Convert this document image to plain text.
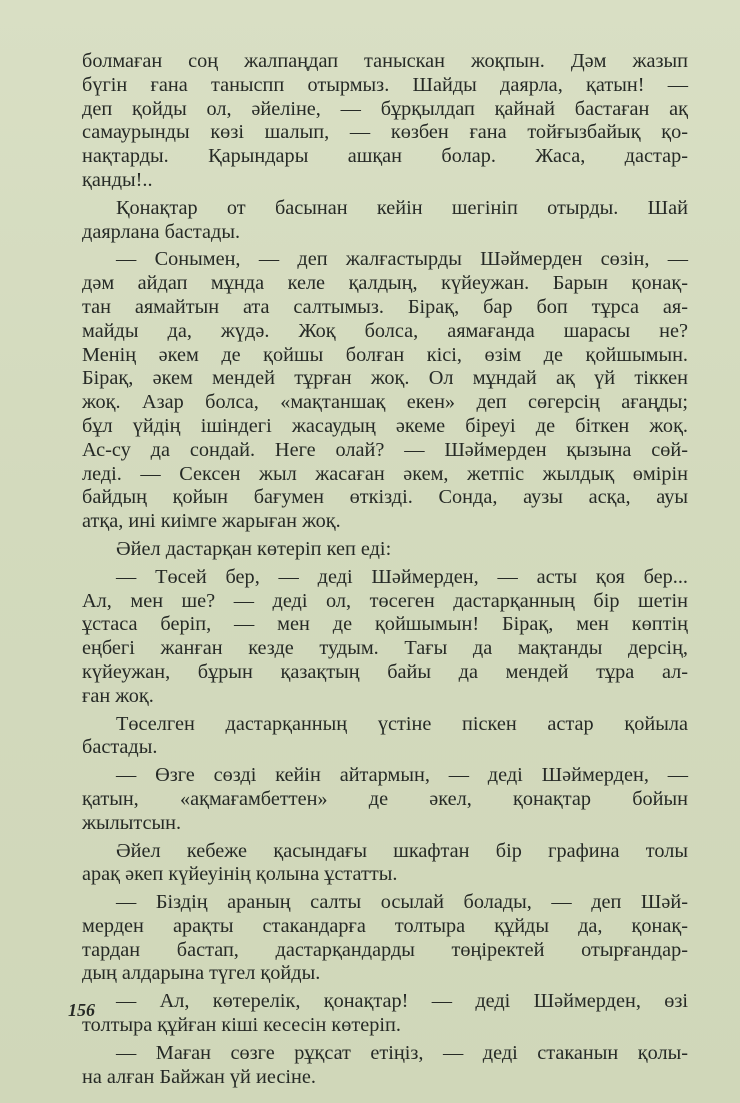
болмаған соң жалпаңдап таныскан жоқпын. Дәм жазып
бүгін ғана таныспп отырмыз. Шайды даярла, қатын! —
деп қойды ол, әйеліне, — бұрқылдап қайнай бастаған ақ
самаурынды көзі шалып, — көзбен ғана тойғызбайық қо-
нақтарды. Қарындары ашқан болар. Жаса, дастар-
қанды!..
Қонақтар от басынан кейін шегініп отырды. Шай
даярлана бастады.
— Сонымен, — деп жалғастырды Шәймерден сөзін, —
дәм айдап мұнда келе қалдың, күйеужан. Барын қонақ-
тан аямайтын ата салтымыз. Бірақ, бар боп тұрса ая-
майды да, жүдә. Жоқ болса, аямағанда шарасы не?
Менің әкем де қойшы болған кісі, өзім де қойшымын.
Бірақ, әкем мендей тұрған жоқ. Ол мұндай ақ үй тіккен
жоқ. Азар болса, «мақтаншақ екен» деп сөгерсің ағаңды;
бұл үйдің ішіндегі жасаудың әкеме біреуі де біткен жоқ.
Ас-су да сондай. Неге олай? — Шәймерден қызына сөй-
леді. — Сексен жыл жасаған әкем, жетпіс жылдық өмірін
байдың қойын бағумен өткізді. Сонда, аузы асқа, ауы
атқа, ині киімге жарыған жоқ.
Әйел дастарқан көтеріп кеп еді:
— Төсей бер, — деді Шәймерден, — асты қоя бер...
Ал, мен ше? — деді ол, төсеген дастарқанның бір шетін
ұстаса беріп, — мен де қойшымын! Бірақ, мен көптің
еңбегі жанған кезде тудым. Тағы да мақтанды дерсің,
күйеужан, бұрын қазақтың байы да мендей тұра ал-
ған жоқ.
Төселген дастарқанның үстіне піскен астар қойыла
бастады.
— Өзге сөзді кейін айтармын, — деді Шәймерден, —
қатын, «ақмағамбеттен» де әкел, қонақтар бойын
жылытсын.
Әйел кебеже қасындағы шкафтан бір графина толы
арақ әкеп күйеуінің қолына ұстатты.
— Біздің араның салты осылай болады, — деп Шәй-
мерден арақты стакандарға толтыра құйды да, қонақ-
тардан бастап, дастарқандарды төңіректей отырғандар-
дың алдарына түгел қойды.
— Ал, көтерелік, қонақтар! — деді Шәймерден, өзі
толтыра құйған кіші кесесін көтеріп.
— Маған сөзге рұқсат етіңіз, — деді стаканын қолы-
на алған Байжан үй иесіне.
156
